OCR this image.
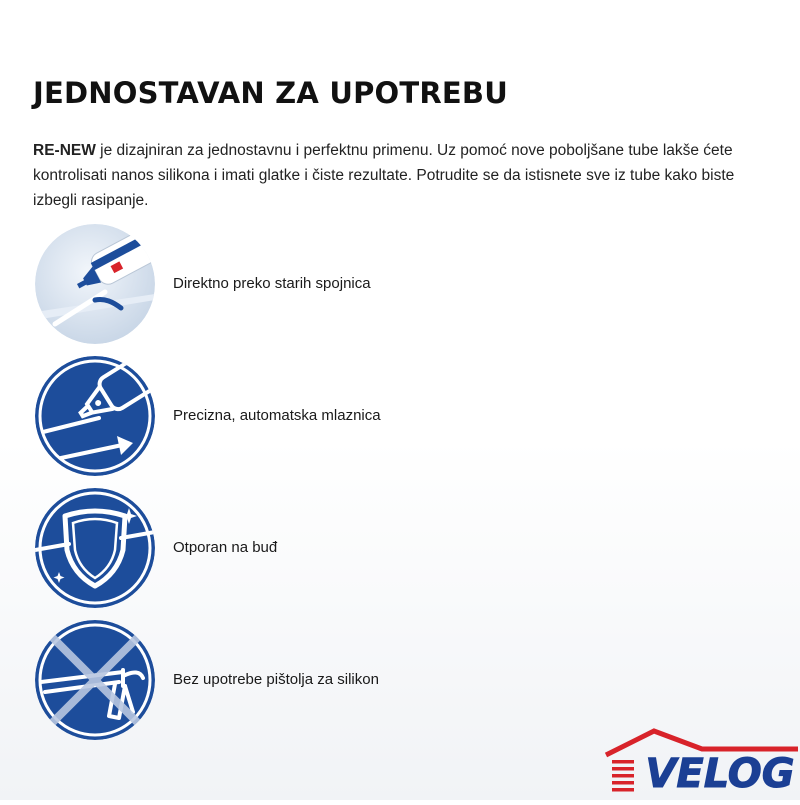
JEDNOSTAVAN ZA UPOTREBU

RE-NEW je dizajniran za jednostavnu i perfektnu primenu. Uz pomoć nove poboljšane tube lakše ćete kontrolisati nanos silikona i imati glatke i čiste rezultate. Potrudite se da istisnete sve iz tube kako biste izbegli rasipanje.

Direktno preko starih spojnica
Precizna, automatska mlaznica
Otporan na buđ
Bez upotrebe pištolja za silikon
VELOG
